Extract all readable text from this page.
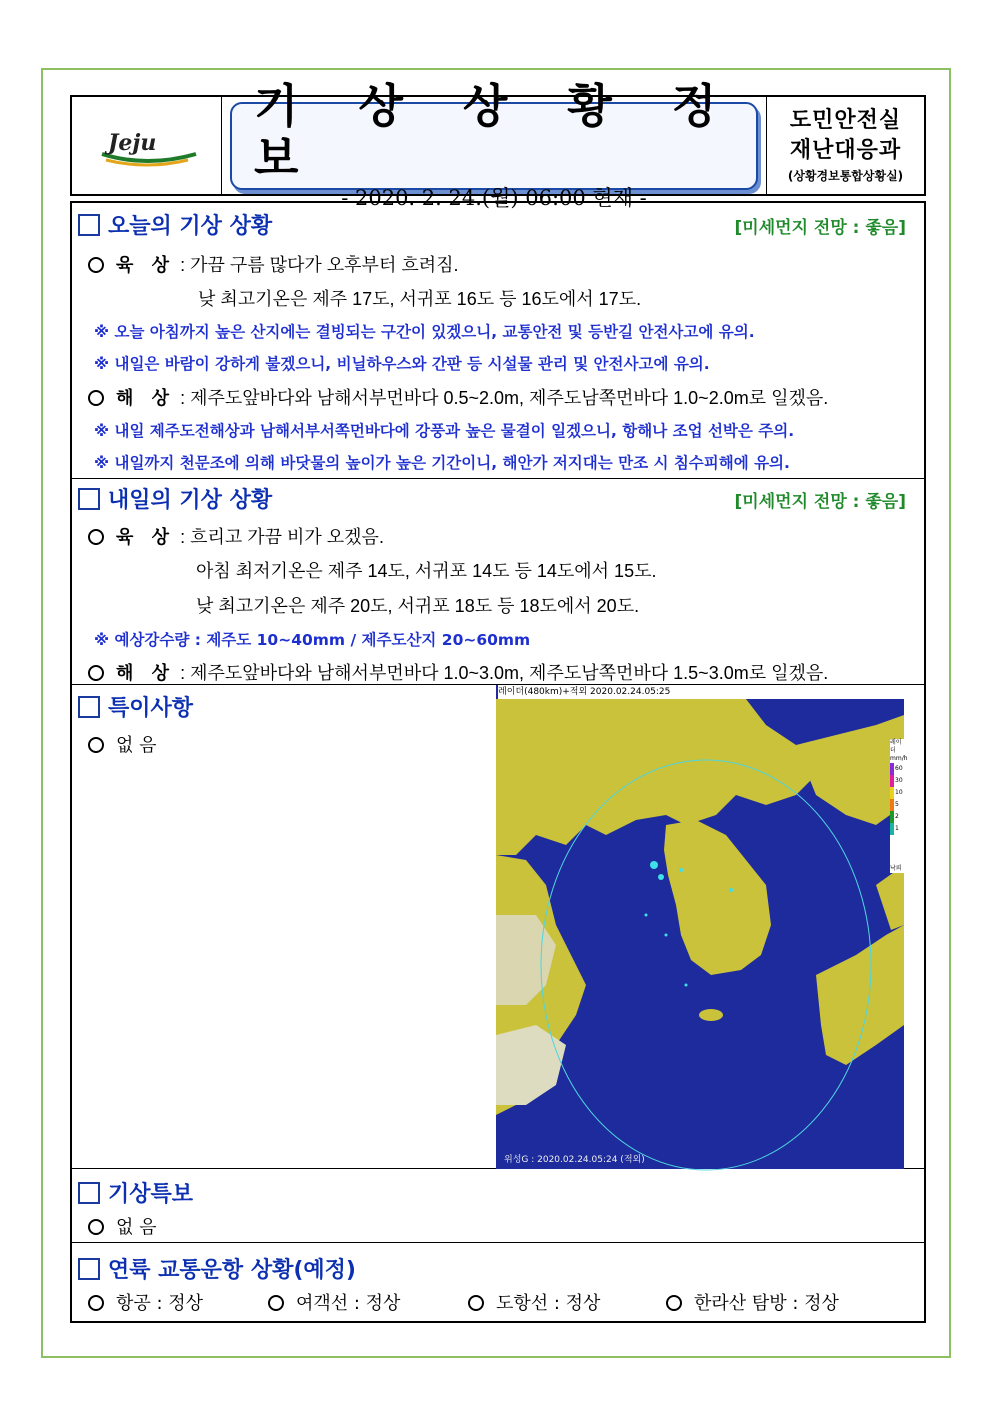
Jeju
기 상 상 황 정 보
- 2020. 2. 24.(월) 06:00 현재 -
도민안전실
재난대응과
(상황경보통합상황실)
오늘의 기상 상황	[미세먼지 전망 : 좋음]
육 상 : 가끔 구름 많다가 오후부터 흐려짐.
낮 최고기온은 제주 17도, 서귀포 16도 등 16도에서 17도.
※ 오늘 아침까지 높은 산지에는 결빙되는 구간이 있겠으니, 교통안전 및 등반길 안전사고에 유의.
※ 내일은 바람이 강하게 불겠으니, 비닐하우스와 간판 등 시설물 관리 및 안전사고에 유의.
해 상 : 제주도앞바다와 남해서부먼바다 0.5~2.0m, 제주도남쪽먼바다 1.0~2.0m로 일겠음.
※ 내일 제주도전해상과 남해서부서쪽먼바다에 강풍과 높은 물결이 일겠으니, 항해나 조업 선박은 주의.
※ 내일까지 천문조에 의해 바닷물의 높이가 높은 기간이니, 해안가 저지대는 만조 시 침수피해에 유의.
내일의 기상 상황	[미세먼지 전망 : 좋음]
육 상 : 흐리고 가끔 비가 오겠음.
아침 최저기온은 제주 14도, 서귀포 14도 등 14도에서 15도.
낮 최고기온은 제주 20도, 서귀포 18도 등 18도에서 20도.
※ 예상강수량 : 제주도 10~40mm / 제주도산지 20~60mm
해 상 : 제주도앞바다와 남해서부먼바다 1.0~3.0m, 제주도남쪽먼바다 1.5~3.0m로 일겠음.
특이사항
없 음
레이더(480km)+적외 2020.02.24.05:25
위성G : 2020.02.24.05:24 (적외)
레이더
mm/h
60
30
10
5
2
1
낙뢰
기상특보
없 음
연륙 교통운항 상황(예정)
항공 : 정상	여객선 : 정상	도항선 : 정상	한라산 탐방 : 정상
